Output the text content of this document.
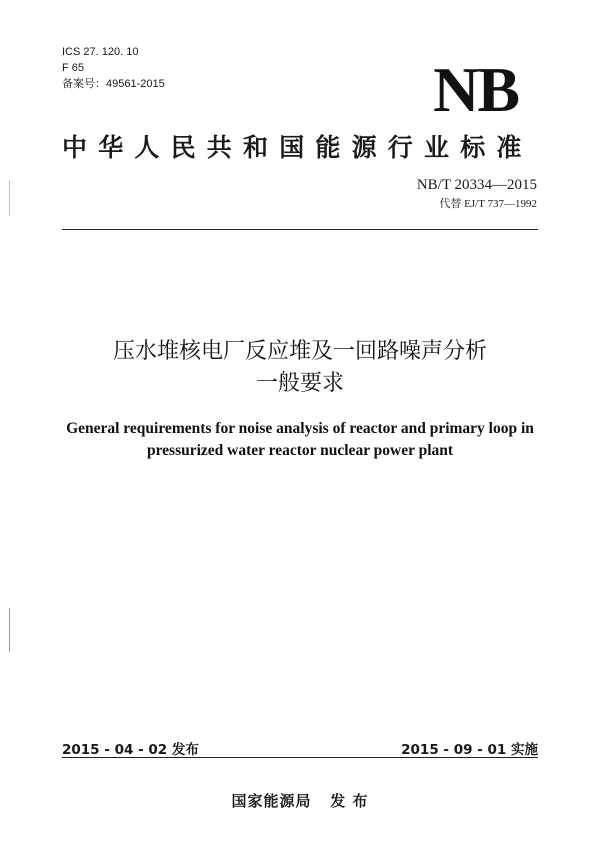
ICS 27. 120. 10
F 65
备案号：49561-2015	NB
中华人民共和国能源行业标准
NB/T 20334—2015
代替 EJ/T 737—1992
压水堆核电厂反应堆及一回路噪声分析
一般要求
General requirements for noise analysis of reactor and primary loop in
pressurized water reactor nuclear power plant
2015 - 04 - 02 发布	2015 - 09 - 01 实施
国家能源局   发 布
